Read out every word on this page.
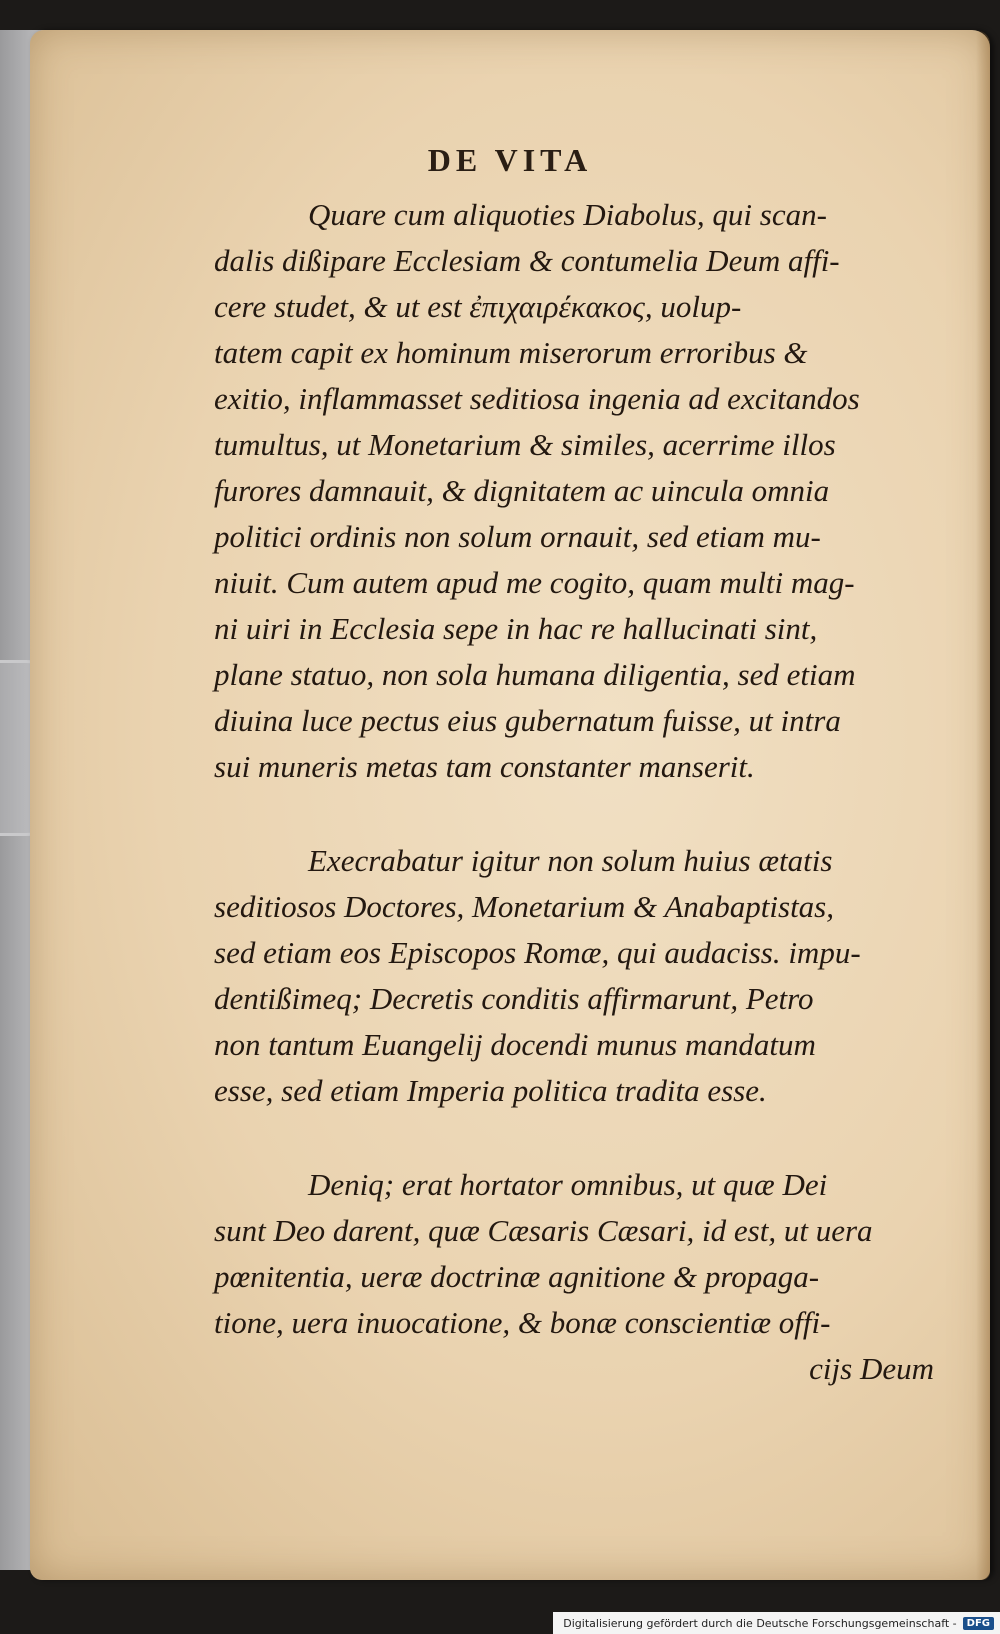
DE VITA
Quare cum aliquoties Diabolus, qui scan-
dalis dißipare Ecclesiam & contumelia Deum affi-
cere studet, & ut est ἐπιχαιρέκακος, uolup-
tatem capit ex hominum miserorum erroribus &
exitio, inflammasset seditiosa ingenia ad excitandos
tumultus, ut Monetarium & similes, acerrime illos
furores damnauit, & dignitatem ac uincula omnia
politici ordinis non solum ornauit, sed etiam mu-
niuit. Cum autem apud me cogito, quam multi mag-
ni uiri in Ecclesia sepe in hac re hallucinati sint,
plane statuo, non sola humana diligentia, sed etiam
diuina luce pectus eius gubernatum fuisse, ut intra
sui muneris metas tam constanter manserit.
Execrabatur igitur non solum huius ætatis
seditiosos Doctores, Monetarium & Anabaptistas,
sed etiam eos Episcopos Romæ, qui audaciss. impu-
dentißimeq; Decretis conditis affirmarunt, Petro
non tantum Euangelij docendi munus mandatum
esse, sed etiam Imperia politica tradita esse.
Deniq; erat hortator omnibus, ut quæ Dei
sunt Deo darent, quæ Cæsaris Cæsari, id est, ut uera
pœnitentia, ueræ doctrinæ agnitione & propaga-
tione, uera inuocatione, & bonæ conscientiæ offi-
cijs Deum
Digitalisierung gefördert durch die Deutsche Forschungsgemeinschaft -	DFG
